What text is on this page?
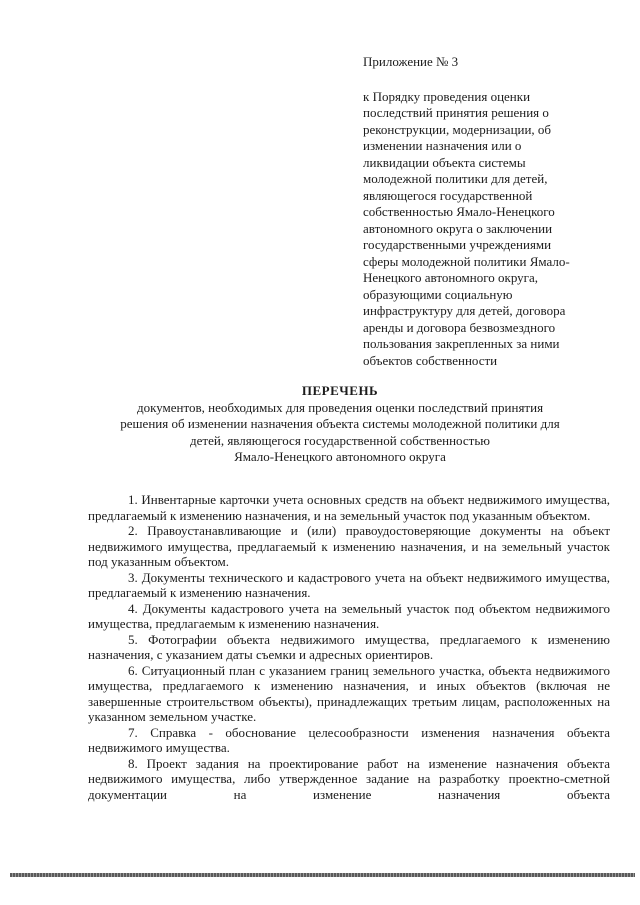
Приложение № 3

к Порядку проведения оценки
последствий принятия решения о
реконструкции, модернизации, об
изменении назначения или о
ликвидации объекта системы
молодежной политики для детей,
являющегося государственной
собственностью Ямало-Ненецкого
автономного округа о заключении
государственными учреждениями
сферы молодежной политики Ямало-
Ненецкого автономного округа,
образующими социальную
инфраструктуру для детей, договора
аренды и договора безвозмездного
пользования закрепленных за ними
объектов собственности

ПЕРЕЧЕНЬ

документов, необходимых для проведения оценки последствий принятия
решения об изменении назначения объекта системы молодежной политики для
детей, являющегося государственной собственностью
Ямало-Ненецкого автономного округа

1. Инвентарные карточки учета основных средств на объект недвижимого имущества, предлагаемый к изменению назначения, и на земельный участок под указанным объектом.

2. Правоустанавливающие и (или) правоудостоверяющие документы на объект недвижимого имущества, предлагаемый к изменению назначения, и на земельный участок под указанным объектом.

3. Документы технического и кадастрового учета на объект недвижимого имущества, предлагаемый к изменению назначения.

4. Документы кадастрового учета на земельный участок под объектом недвижимого имущества, предлагаемым к изменению назначения.

5. Фотографии объекта недвижимого имущества, предлагаемого к изменению назначения, с указанием даты съемки и адресных ориентиров.

6. Ситуационный план с указанием границ земельного участка, объекта недвижимого имущества, предлагаемого к изменению назначения, и иных объектов (включая не завершенные строительством объекты), принадлежащих третьим лицам, расположенных на указанном земельном участке.

7. Справка - обоснование целесообразности изменения назначения объекта недвижимого имущества.

8. Проект задания на проектирование работ на изменение назначения объекта недвижимого имущества, либо утвержденное задание на разработку проектно-сметной документации на изменение назначения объекта
